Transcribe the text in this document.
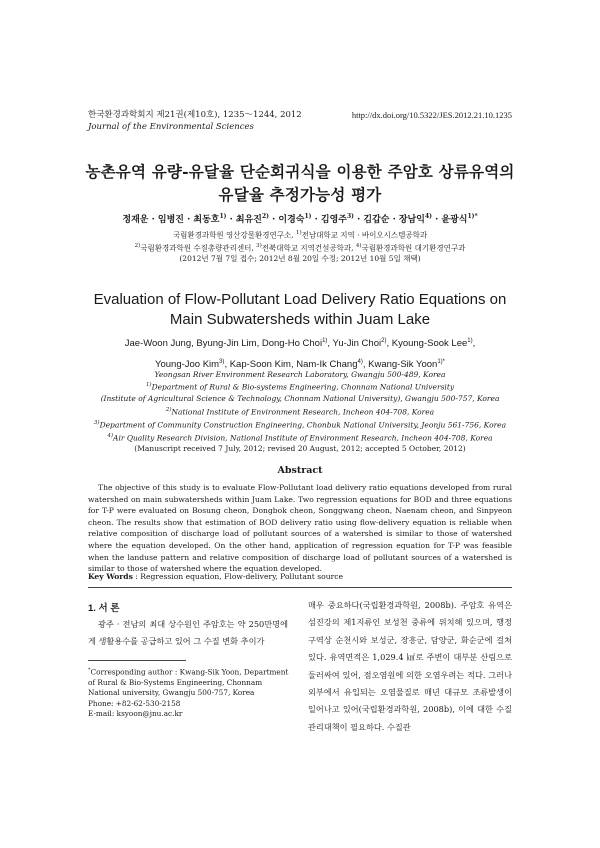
한국환경과학회지 제21권(제10호), 1235～1244, 2012
Journal of the Environmental Sciences
http://dx.doi.org/10.5322/JES.2012.21.10.1235
농촌유역 유량-유달율 단순회귀식을 이용한 주암호 상류유역의
유달율 추정가능성 평가
정재운 · 임병진 · 최동호$^{1)}$ · 최유진$^{2)}$ · 이경숙$^{1)}$ · 김영주$^{3)}$ · 김갑순 · 장남익$^{4)}$ · 윤광식$^{1)*}$
국립환경과학원 영산강물환경연구소, $^{1)}$전남대학교 지역 · 바이오시스템공학과
$^{2)}$국립환경과학원 수질총량관리센터, $^{3)}$전북대학교 지역건설공학과, $^{4)}$국립환경과학원 대기환경연구과
(2012년 7월 7일 접수; 2012년 8월 20일 수정; 2012년 10월 5일 채택)
Evaluation of Flow-Pollutant Load Delivery Ratio Equations on
Main Subwatersheds within Juam Lake
Jae-Woon Jung, Byung-Jin Lim, Dong-Ho Choi$^{1)}$, Yu-Jin Choi$^{2)}$, Kyoung-Sook Lee$^{1)}$,
Young-Joo Kim$^{3)}$, Kap-Soon Kim, Nam-Ik Chang$^{4)}$, Kwang-Sik Yoon$^{1)*}$
Yeongsan River Environment Research Laboratory, Gwangju 500-489, Korea
$^{1)}$Department of Rural & Bio-systems Engineering, Chonnam National University
(Institute of Agricultural Science & Technology, Chonnam National University), Gwangju 500-757, Korea
$^{2)}$National Institute of Environment Research, Incheon 404-708, Korea
$^{3)}$Department of Community Construction Engineering, Chonbuk National University, Jeonju 561-756, Korea
$^{4)}$Air Quality Research Division, National Institute of Environment Research, Incheon 404-708, Korea
(Manuscript received 7 July, 2012; revised 20 August, 2012; accepted 5 October, 2012)
Abstract
The objective of this study is to evaluate Flow-Pollutant load delivery ratio equations developed from rural watershed on main subwatersheds within Juam Lake. Two regression equations for BOD and three equations for T-P were evaluated on Bosung cheon, Dongbok cheon, Songgwang cheon, Naenam cheon, and Sinpyeon cheon. The results show that estimation of BOD delivery ratio using flow-delivery equation is reliable when relative composition of discharge load of pollutant sources of a watershed is similar to those of watershed where the equation developed. On the other hand, application of regression equation for T-P was feasible when the landuse pattern and relative composition of discharge load of pollutant sources of a watershed is similar to those of watershed where the equation developed.
Key Words : Regression equation, Flow-delivery, Pollutant source
1. 서 론
광주 · 전남의 최대 상수원인 주암호는 약 250만명에게 생활용수를 공급하고 있어 그 수질 변화 추이가
*Corresponding author : Kwang-Sik Yoon, Department of Rural & Bio-Systems Engineering, Chonnam National university, Gwangju 500-757, Korea
Phone: +82-62-530-2158
E-mail: ksyoon@jnu.ac.kr
매우 중요하다(국립환경과학원, 2008b). 주암호 유역은 섬진강의 제1지류인 보성천 중류에 위치해 있으며, 행정구역상 순천시와 보성군, 장흥군, 담양군, 화순군에 걸쳐 있다. 유역면적은 1,029.4 ㎢로 주변이 대부분 산림으로 둘러싸여 있어, 점오염원에 의한 오염우려는 적다. 그러나 외부에서 유입되는 오염물질로 매년 대규모 조류발생이 일어나고 있어(국립환경과학원, 2008b), 이에 대한 수질관리대책이 필요하다. 수질관
